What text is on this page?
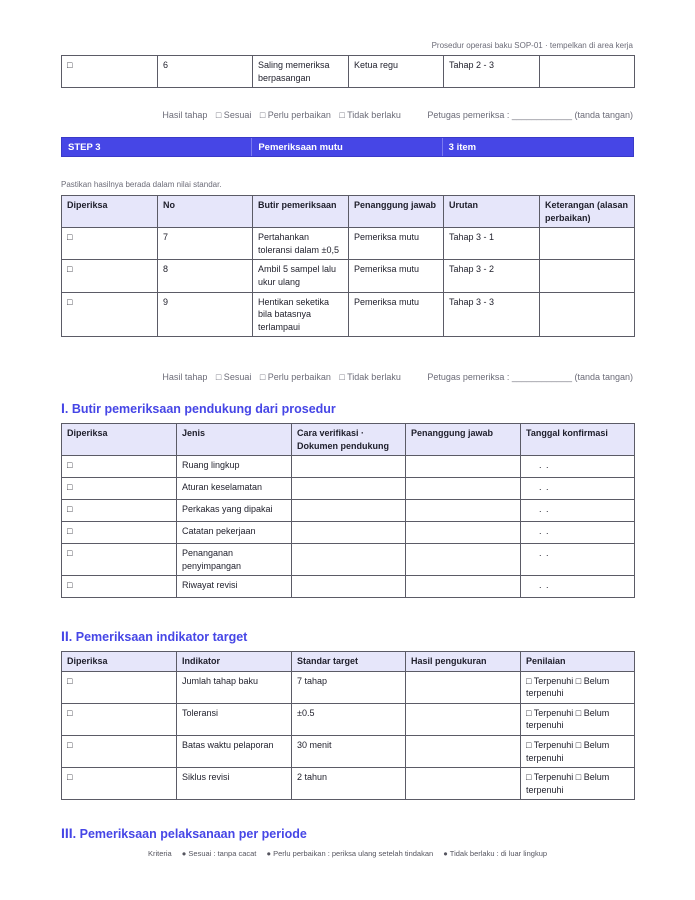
Prosedur operasi baku SOP-01 · tempelkan di area kerja
□	6	Saling memeriksa berpasangan	Ketua regu	Tahap 2 - 3	
Hasil tahap □ Sesuai □ Perlu perbaikan □ Tidak berlaku	Petugas pemeriksa : ____________ (tanda tangan)
STEP 3	Pemeriksaan mutu	3 item
Pastikan hasilnya berada dalam nilai standar.
Diperiksa	No	Butir pemeriksaan	Penanggung jawab	Urutan	Keterangan (alasan perbaikan)
□	7	Pertahankan toleransi dalam ±0,5	Pemeriksa mutu	Tahap 3 - 1	
□	8	Ambil 5 sampel lalu ukur ulang	Pemeriksa mutu	Tahap 3 - 2	
□	9	Hentikan seketika bila batasnya terlampaui	Pemeriksa mutu	Tahap 3 - 3	
Hasil tahap □ Sesuai □ Perlu perbaikan □ Tidak berlaku	Petugas pemeriksa : ____________ (tanda tangan)
I. Butir pemeriksaan pendukung dari prosedur
Diperiksa	Jenis	Cara verifikasi · Dokumen pendukung	Penanggung jawab	Tanggal konfirmasi
□	Ruang lingkup			. .
□	Aturan keselamatan			. .
□	Perkakas yang dipakai			. .
□	Catatan pekerjaan			. .
□	Penanganan penyimpangan			. .
□	Riwayat revisi			. .
II. Pemeriksaan indikator target
Diperiksa	Indikator	Standar target	Hasil pengukuran	Penilaian
□	Jumlah tahap baku	7 tahap		□ Terpenuhi □ Belum terpenuhi
□	Toleransi	±0.5		□ Terpenuhi □ Belum terpenuhi
□	Batas waktu pelaporan	30 menit		□ Terpenuhi □ Belum terpenuhi
□	Siklus revisi	2 tahun		□ Terpenuhi □ Belum terpenuhi
III. Pemeriksaan pelaksanaan per periode
Kriteria ● Sesuai : tanpa cacat ● Perlu perbaikan : periksa ulang setelah tindakan ● Tidak berlaku : di luar lingkup
